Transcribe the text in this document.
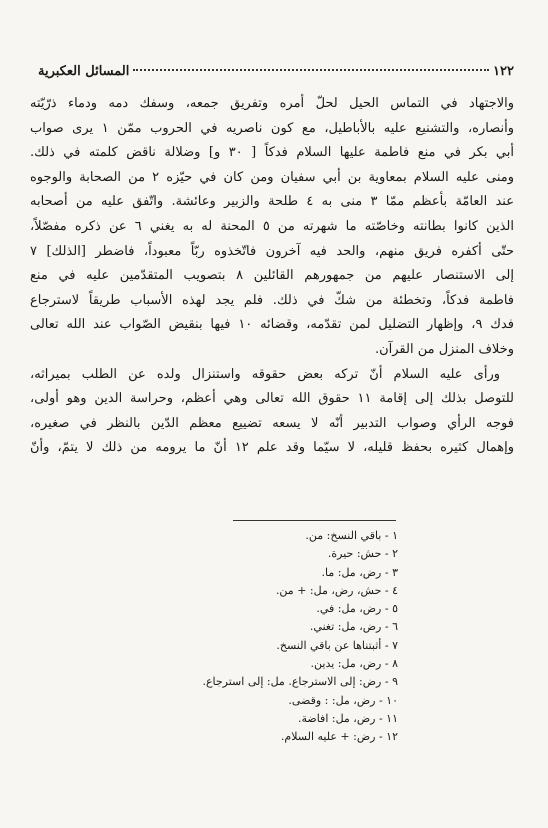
١٢٢
المسائل العكبرية
والاجتهاد في التماس الحيل لحلّ أمره وتفريق جمعه، وسفك دمه ودماء ذرّيّته
وأنصاره، والتشنيع عليه بالأباطيل، مع كون ناصريه في الحروب ممّن ١ يرى صواب
أبي بكر في منع فاطمة عليها السلام فدكاً [ ٣٠ و] وضلالة ناقض كلمته في ذلك.
ومنى عليه السلام بمعاوية بن أبي سفيان ومن كان في حيّزه ٢ من الصحابة والوجوه
عند العامّة بأعظم ممّا ٣ منى به ٤ طلحة والزبير وعائشة. واتّفق عليه من أصحابه
الذين كانوا بطانته وخاصّته ما شهرته من ٥ المحنة له به يغني ٦ عن ذكره مفصّلاً،
حتّى أكفره فريق منهم، والحد فيه آخرون فاتّخذوه ربّاً معبوداً، فاضطر [الذلك] ٧
إلى الاستنصار عليهم من جمهورهم القائلين ٨ بتصويب المتقدّمين عليه في منع
فاطمة فدكاً، وتخطئة من شكّ في ذلك. فلم يجد لهذه الأسباب طريقاً لاسترجاع
فدك ٩، وإظهار التضليل لمن تقدّمه، وقضائه ١٠ فيها بنقيض الصّواب عند الله تعالى
وخلاف المنزل من القرآن.
ورأى عليه السلام أنّ تركه بعض حقوقه واستنزال ولده عن الطلب بميراثه،
للتوصل بذلك إلى إقامة ١١ حقوق الله تعالى وهي أعظم، وحراسة الدين وهو أولى،
فوجه الرأي وصواب التدبير أنّه لا يسعه تضييع معظم الدّين بالنظر في صغيره،
وإهمال كثيره بحفظ قليله، لا سيّما وقد علم ١٢ أنّ ما يرومه من ذلك لا يتمّ، وأنّ
١ - باقي النسخ: من.
٢ - حش: حيرة.
٣ - رض، مل: ما.
٤ - حش، رض، مل: + من.
٥ - رض، مل: في.
٦ - رض، مل: تغني.
٧ - أثبتناها عن باقي النسخ.
٨ - رض، مل: يدين.
٩ - رض: إلى الاسترجاع. مل: إلى استرجاع.
١٠ - رض، مل: : وقضى.
١١ - رض، مل: افاضة.
١٢ - رض: + عليه السلام.
